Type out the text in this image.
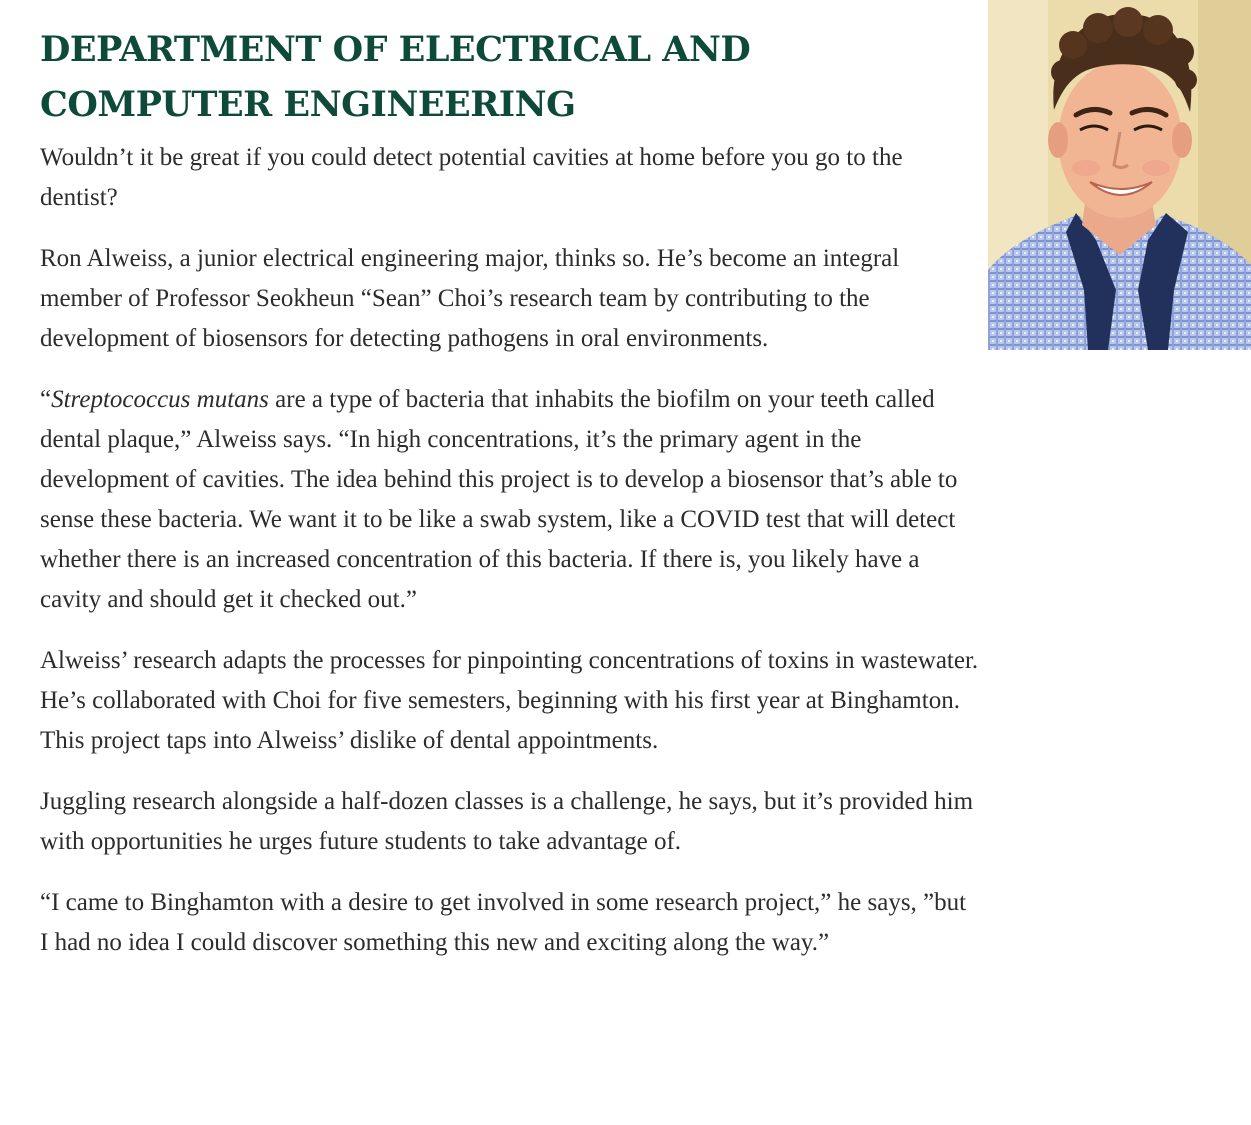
DEPARTMENT OF ELECTRICAL AND COMPUTER ENGINEERING

Wouldn’t it be great if you could detect potential cavities at home before you go to the dentist?

Ron Alweiss, a junior electrical engineering major, thinks so. He’s become an integral member of Professor Seokheun “Sean” Choi’s research team by contributing to the development of biosensors for detecting pathogens in oral environments.

“Streptococcus mutans are a type of bacteria that inhabits the biofilm on your teeth called dental plaque,” Alweiss says. “In high concentrations, it’s the primary agent in the development of cavities. The idea behind this project is to develop a biosensor that’s able to sense these bacteria. We want it to be like a swab system, like a COVID test that will detect whether there is an increased concentration of this bacteria. If there is, you likely have a cavity and should get it checked out.”

Alweiss’ research adapts the processes for pinpointing concentrations of toxins in wastewater. He’s collaborated with Choi for five semesters, beginning with his first year at Binghamton. This project taps into Alweiss’ dislike of dental appointments.

Juggling research alongside a half-dozen classes is a challenge, he says, but it’s provided him with opportunities he urges future students to take advantage of.

“I came to Binghamton with a desire to get involved in some research project,” he says, ”but I had no idea I could discover something this new and exciting along the way.”
